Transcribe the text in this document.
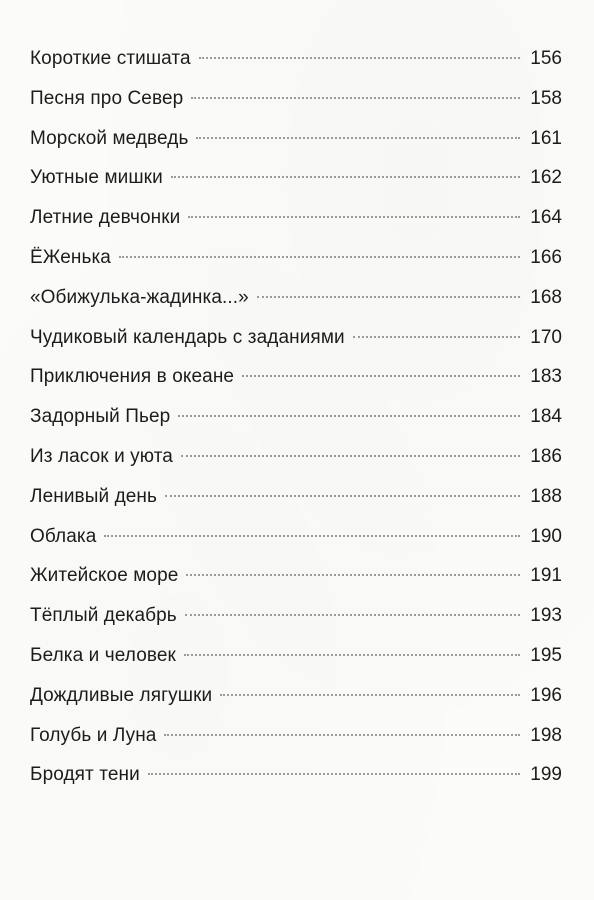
Короткие стишата	156
Песня про Север	158
Морской медведь	161
Уютные мишки	162
Летние девчонки	164
ЁЖенька	166
«Обижулька-жадинка...»	168
Чудиковый календарь с заданиями	170
Приключения в океане	183
Задорный Пьер	184
Из ласок и уюта	186
Ленивый день	188
Облака	190
Житейское море	191
Тёплый декабрь	193
Белка и человек	195
Дождливые лягушки	196
Голубь и Луна	198
Бродят тени	199
